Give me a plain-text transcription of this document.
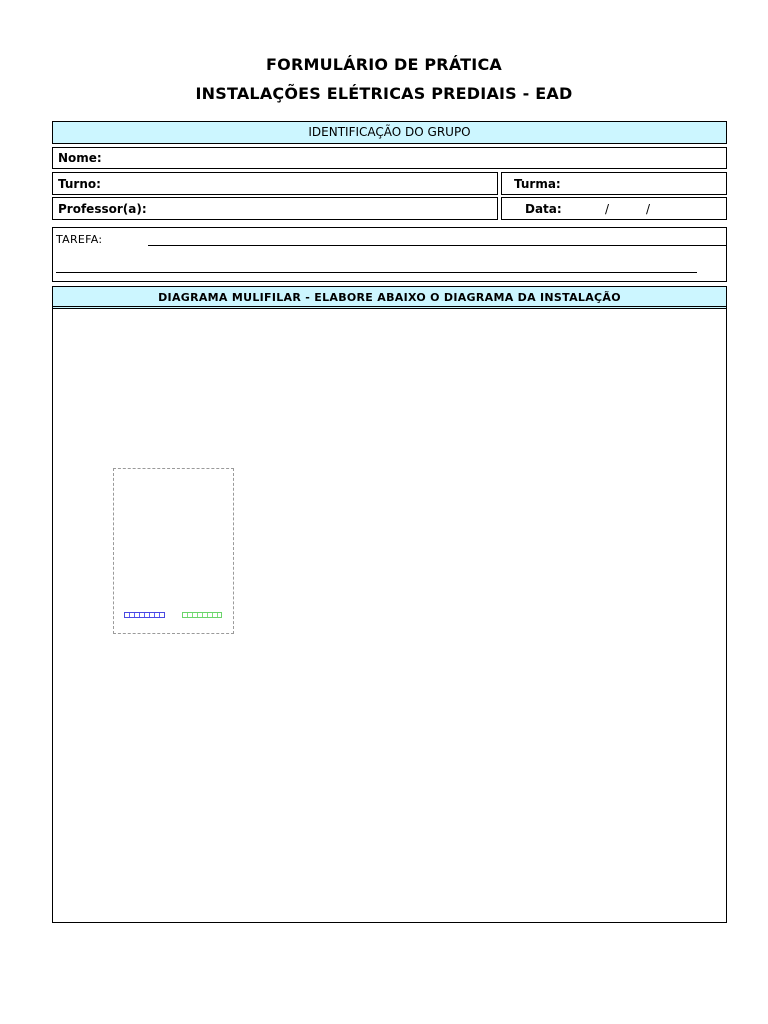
FORMULÁRIO DE PRÁTICA
INSTALAÇÕES ELÉTRICAS PREDIAIS - EAD
IDENTIFICAÇÃO DO GRUPO
Nome:
Turno:	Turma:
Professor(a):	Data:	/	/
TAREFA:
DIAGRAMA MULIFILAR - ELABORE ABAIXO O DIAGRAMA DA INSTALAÇÃO
